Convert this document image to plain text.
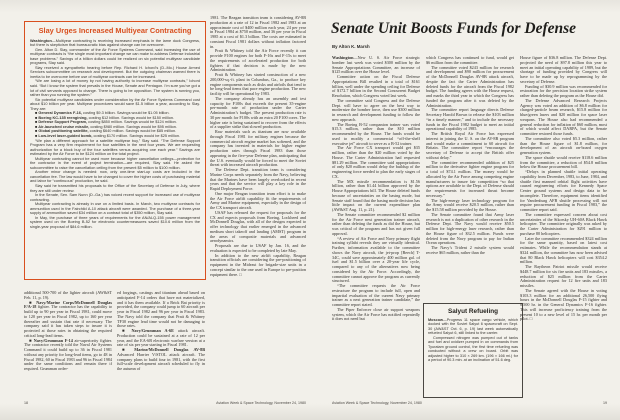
Slay Urges Increased Multiyear Contracting

Washington—Multiyear contracting is receiving increased emphasis in the lame duck Congress, but there is skepticism that bureaucratic bias against change can be overcome.

Gen. Alton D. Slay, commander of the Air Force Systems Command, said increasing the use of multiyear contracts is “the single most important change we can make to address Defense industrial base problems.” Savings of a billion dollars could be realized on six potential multiyear candidate programs, Slay said.

Slay received a sympathetic hearing before Rep. Richard H. Ichord’s (D.-Mo.) House Armed Services subcommittee on research and development. But the outgoing chairman warned there is inertia to be overcome before use of multiyear contracts can be increased.

“We are losing a lot of money by not having authority to increase multiyear contracts,” Ichord said. “But I know the system that prevails in the House, Senate and Pentagon. I’m sure you’ve got a lot of civil servants opposed to change. There is going to be opposition. The system is running you, rather than you running the system.”

Six potential multiyear candidates under consideration by the Air Force Systems Command cost about $10 billion per year. Multiyear procedures would save $1.5 billion a year, according to Slay. They are:

■ General Dynamics F-16, costing $9.3 billion. Savings would be $1.05 billion.

■ Boeing KC-135 reengining, costing $12 billion. Savings would be $150 million.

■ Defense Support Program, costing $850 million. Savings would be $124 million.

■ Air-launched cruise missile, costing $980 million. Savings would be $95 million.

■ Global positioning satellite, costing $640 million. Savings would be $85 million.

■ Low-level laser-guided bomb, costing $170 million. Savings would be $25 million.

“We plan a different approach for a satellite multiyear buy,” Slay said. “The Defense Support Program has a very firm requirement for four satellites in the next four years. We are requesting authorization for a block buy of the four satellites versus acquiring one each year.” Savings are estimated by the Air Force to be $124 million on the total project.

Multiyear contracting cannot be used more because higher cancellation ceilings—protection for the contractor in the event of project termination—are required, Slay said. He asked the subcommittee to raise the cancellation ceiling from the present $5 million to $100 million.

Another minor change is needed: now, only one-time start-up costs are included in the cancellation fee. The law would have to be changed to cover the higher costs of purchasing material and labor for “continuous” production, he said.

Slay said he transmitted his proposals to the Office of the Secretary of Defense in July, where they are still under review.

In the Senate, Sen. Sam Nunn (D.-Ga.) has voiced recent support for increased use of multiyear contracting.

Multiyear contracting is already in use on a limited basis. In March, two multiyear contracts for ammunition used in the Fairchild A-10 attack aircraft were awarded. The purchase of a three-year supply of ammunition saved $34 million on a contract total of $350 million, Slay said.

In May, the purchase of three years of requirements for the AN/ALQ-155 power management system used on the Boeing B-52 for electronic countermeasures saved $10.6 million from the single-year proposal of $84.6 million.

additional 500-700 of the lighter aircraft (AW&ST Feb. 11, p. 19).

■ Navy/Marine Corps/McDonnell Douglas F/A-18 fighter. The contractor has the capability to build up to 90 per year in Fiscal 1981, could move to 120 per year in Fiscal 1982, up to 160 per year thereafter and sustain that rate if necessary. The company said it has taken steps to insure it is protected at those rates in obtaining the required critical long-lead items.

■ Navy/Grumman F-14 air-superiority fighter. The contractor recently told the Naval Air Systems Command it could build up to 36 in Fiscal 1981 without any priority for long-lead items, go to 48 in Fiscal 1982, 60 in Fiscal 1983 and 96 in Fiscal 1984 under the same conditions and remain there if required. Grumman order-

ed forgings, castings and titanium ahead based on anticipated F-14 orders that have not materialized, and it has them available. If a Brick Bat priority is provided, the company could jump to 60 aircraft per year in Fiscal 1982 and 96 per year in Fiscal 1983. The Navy told the company that Pratt & Whitney TF30 engine lead time would not be damaging to those rates.

■ Navy/Grumman A-6E attack aircraft. Production could be sustained at a rate of 12 per year, and the EA-6B electronic warfare version at a rate of six per year starting in Fiscal 1981.

■ Marine/McDonnell Douglas AV-8B Advanced Harrier V/STOL attack aircraft. The company plans to build four in 1981, with the first full-scale development aircraft scheduled to fly in the autumn of

1981. The Reagan transition team is considering AV-8B production at a rate of 12 in Fiscal 1982 and 1983 at an approximate cost of $400 million each year, 24 per year in Fiscal 1984 at $750 million, and 36 per year in Fiscal 1985 at a cost of $1.3 billion. The costs are estimated in constant Fiscal 1981 dollars without inflation factored in.

Pratt & Whitney told the Air Force recently it can provide F100 engines for both F-16s and F-15s to meet the requirements of accelerated production for both fighters if that decision is made by the new Administration.

Pratt & Whitney has started construction of a new 200,000-sq.-ft. plant in Columbus, Ga., to produce key engine components such as disks and airfoils that tend to be long-lead items that pace engine production. The new facility will be operational by 1983.

The company already has an assembly and test capacity for F100s that exceeds the present 35-engine per-month rate of production under the Carter Administration’s budget. The present production rate is 30 per month for F100s with an extra 20 F100 cores. The higher rate is being sustained to recover from the effects of a supplier strike that slowed production.

Raw materials such as titanium are now available through Fiscal 1981 for military engines because the commercial aircraft engine market has softened, and the company has invested in materials for higher engine production rates through Fiscal 1983 than those appearing in the five-year Defense plan, anticipating that the U.S. eventually would be forced to meet the Soviet threat with increased aircraft production.

The Defense Dept. transition team is considering Marine Corps needs separately from the Navy, believing that the Marines have been largely overlooked in recent years and that the service will play a key role in the Rapid Deployment Force.

One major Reagan transition team effort is to make the Air Force airlift capability fit the requirements of Army and Marine equipment, especially in the design of the CX transport aircraft.

USAF has released the request for proposals for the CX and expects proposals from Boeing, Lockheed and McDonnell Douglas, with all of the designs expected to offer technology that earlier emerged in the advanced medium short takeoff and landing (AMST) program in the areas of composite materials and advanced aerodynamics.

Proposals are due to USAF by Jan. 16, and the evaluation is expected to be completed by late May.

In addition to the new airlift capability, Reagan transition officials are considering the pre-positioning of equipment in the Mideast for brigade-size units in a concept similar to the one used in Europe to pre-position equipment there. □

18	Aviation Week & Space Technology, November 24, 1980
Senate Unit Boosts Funds for Defense
By Alton K. Marsh

Washington—New U. S. Air Force strategic bomber last week was voted $300 million by the Senate Appropriations Committee, an increase of $125 million over the House level.

Committee action on the Fiscal Defense Appropriations Bill resulted in a total of $161 billion, well under the spending ceiling for Defense of $172.7 billion in the Second Concurrent Budget Resolution, which Congress voted last week.

The committee said Congress and the Defense Dept. will have to agree on the best way to modernize the bomber force, then use $300 million in research and development funding to follow the new approach.

The Boeing B-52 companion trainer was voted $15.3 million, rather than the $10 million recommended by the House. The funds would be used to modify a commercial “off-the-shelf executive jet” aircraft to serve as a B-52 trainer.

The Air Force CX transport would get $35 million, rather than the $20 million voted by the House. The Carter Administration had requested $81.29 million. The committee said appropriations of only $20 million would delay the buildup of the engineering force needed to plan the early stages of CX.

The MX missile recommendation is $1.56 billion, rather than $1.44 billion approved by the House Appropriations bill. The House deleted funds because of uncertainties on the basing mode, but Senate staff found that the basing mode decision has little impact on the current expenditure plan (AW&ST Aug. 11, p. 21).

The Senate committee recommended $2 million for the Air Force next generation trainer aircraft, rather than deleting the funds as did the House, but was critical of the program and has not given full approval.

“A review of Air Force and Navy primary flight training syllabi reveals they are virtually identical. Further, information available to the committee shows the Navy aircraft, the jet-prop [Beech] T-34C, could save approximately 400 million gal. of fuel and $1.5 billion over a 20-year life cycle, compared to any of the alternatives now being considered by the Air Force. Accordingly, the committee cannot approve the program as currently structured.

“The committee requests the Air Force restructure the program to include full, open and impartial evaluation of the current Navy primary trainer as a next generation trainer candidate,” the committee report stated.

The Piper Enforcer close air support weapons system, which the Air Force has notified repeatedly it does not need but

which Congress has continued to fund, would get $6 million from the committee.

The committee voted $243 million for research and development and $90 million for procurement of the McDonnell Douglas AV-8B attack aircraft, despite the fact the Carter Administration has deleted funds for the aircraft from the Fiscal 1982 budget. The funding agrees with the House request, and marks the third year in which the Congress has funded the program after it was deleted by the Administration.

The committee report language directs Defense Secretary Harold Brown to release the $103 million “in a timely manner,” and to include the necessary funds in the Fiscal 1982 budget to meet an initial operational capability of 1985.

The British Royal Air Force has expressed interest in joining the U. S. on the AV-8B program and would make a commitment to 60 aircraft for Britain. The committee report “encourages the secretary of Defense to accept the British offer without delay.”

The committee recommended addition of $25 million to the derivative fighter engine program for a total of $74.1 million. The money would be allocated by the Air Force among competing engine manufacturers to insure fair competition “so that options are available to the Dept. of Defense should the requirements for increased thrust become necessary.”

The high-energy laser technology program for the Army would receive $20.5 million, rather than the $15.58 million provided by the House.

The Senate committee found that Army laser research is not a duplication of other research in the Defense Dept. The Navy would receive $50.5 million for high-energy laser research, rather than the House figure of $32.5 million. Funds were deleted from the Navy program to pay for Indian Ocean operations.

The Navy’s Trident 2 missile system would receive $65 million, rather than the

Salyut Refueling

Moscow—Progress 11 space cargo vehicle, which docked with the Soviet Salyut 6 spacecraft on Sept. 30 (AW&ST Oct. 6, p. 19) last week automatically refueled Salyut 6, still linked to the carrier.

Compressed nitrogen was pumped out of tanks and fuel and oxidizer pumped in on commands from Tyuratam ground control, the first time refueling was conducted without a crew on board. Orbit was adjusted higher to 310 × 269 km. (196 × 166 mi.) for a period of 90.3 min. at an inclination of 51.6 deg.

House figure of $36.8 million. The Defense Dept. projected the need of $97.8 million this year to meet an initial operating capability of 1989, but the shortage of funding provided by Congress will have to be made up by reprogramming by the secretary of Defense.

Funding of $30.9 million was recommended for restoration for the precision location strike system rather than deleting the program as the House did.

The Defense Advanced Research Projects Agency was voted an addition of $6.8 million for charged-particle beam research, $15.8 million for blue/green lasers and $20 million for space laser weapons. The House also had recommended a general reduction for inflation of $60 million, most of which would affect DARPA, but the Senate committee restored those funds.

The committee also voted $5.3 million, rather than the House figure of $1.8 million, for development of an aircraft on-board oxygen generation system.

The space shuttle would receive $118.6 million from the committee, a reduction of $54.8 million below the House procurement bill.

“Delays in planned shuttle initial operating capability from December, 1983, to June, 1984, and shuttle first manned orbital flight activities have caused engineering efforts for Kennedy Space Center ground systems and design data to be incomplete. Therefore, equipment items identified for Vandenburg AFB shuttle processing will not require procurement funding in Fiscal 1983,” the committee report said.

The committee expressed concern about cost uncertainties of the Sikorsky UH-60A Black Hawk helicopter. The committee originally was asked by the Carter Administration for $291 million to purchase 80 helicopters.

Later the committee recommended $324 million for the same quantity, based on latest cost estimates. While the recommendation stands at $324 million, the committee has now been advised that 80 Black Hawk helicopters will cost $354.2 million.

The Raytheon Patriot missile would receive $448.7 million for six fire units and 183 missiles, a reduction of $25 million from the Carter Administration request for 12 fire units and 183 missiles.

The Senate agreed with the House in voting $103.3 million for an additional 26,500 flying hours in the McDonnell Douglas F-15 fighter and 8,500 hr. in the General Dynamics F-16 fighter. This will increase proficiency training from the present 10 to a new level of 15 hr. per month per pilot. □

Aviation Week & Space Technology, November 24, 1980	19
